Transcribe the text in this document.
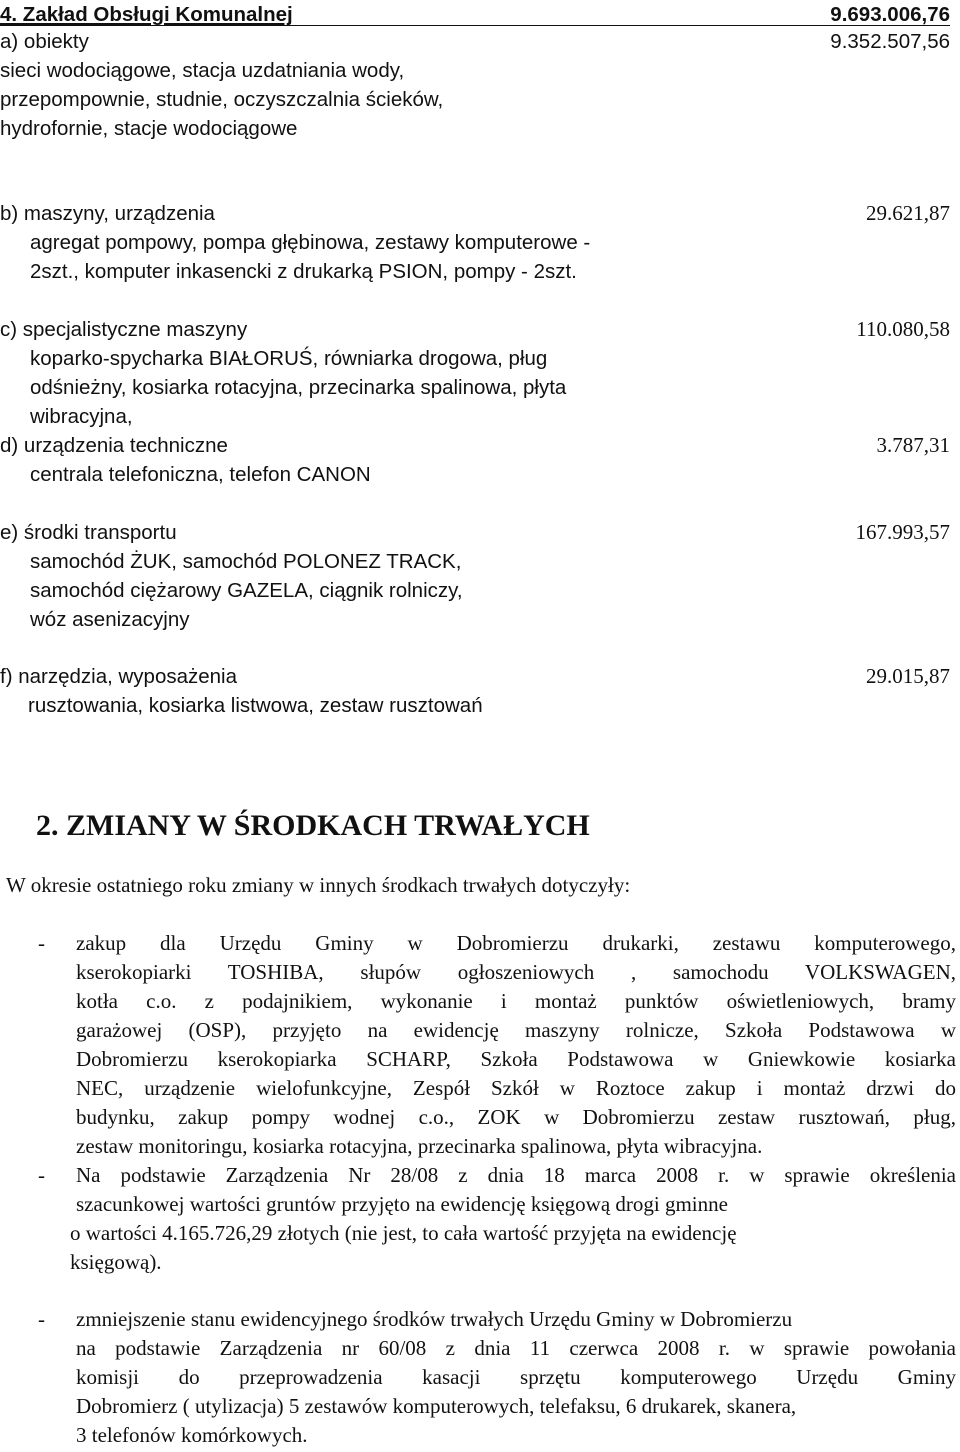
4. Zakład Obsługi Komunalnej	9.693.006,76
a) obiekty	9.352.507,56
sieci wodociągowe, stacja uzdatniania wody,
przepompownie, studnie, oczyszczalnia ścieków,
hydrofornie, stacje wodociągowe
b) maszyny, urządzenia	29.621,87
agregat pompowy, pompa głębinowa, zestawy komputerowe -
2szt., komputer inkasencki z drukarką PSION, pompy - 2szt.
c) specjalistyczne maszyny	110.080,58
koparko-spycharka BIAŁORUŚ, równiarka drogowa, pług
odśnieżny, kosiarka rotacyjna, przecinarka spalinowa, płyta
wibracyjna,
d) urządzenia techniczne	3.787,31
centrala telefoniczna, telefon CANON
e) środki transportu	167.993,57
samochód ŻUK, samochód POLONEZ TRACK,
samochód ciężarowy GAZELA, ciągnik rolniczy,
wóz asenizacyjny
f) narzędzia, wyposażenia	29.015,87
rusztowania, kosiarka listwowa, zestaw rusztowań
2. ZMIANY W ŚRODKACH TRWAŁYCH
W okresie ostatniego roku zmiany w innych środkach trwałych dotyczyły:
- zakup dla Urzędu Gminy w Dobromierzu drukarki, zestawu komputerowego,
kserokopiarki TOSHIBA, słupów ogłoszeniowych , samochodu VOLKSWAGEN,
kotła c.o. z podajnikiem, wykonanie i montaż punktów oświetleniowych, bramy
garażowej (OSP), przyjęto na ewidencję maszyny rolnicze, Szkoła Podstawowa w
Dobromierzu kserokopiarka SCHARP, Szkoła Podstawowa w Gniewkowie kosiarka
NEC, urządzenie wielofunkcyjne, Zespół Szkół w Roztoce zakup i montaż drzwi do
budynku, zakup pompy wodnej c.o., ZOK w Dobromierzu zestaw rusztowań, pług,
zestaw monitoringu, kosiarka rotacyjna, przecinarka spalinowa, płyta wibracyjna.
- Na podstawie Zarządzenia Nr 28/08 z dnia 18 marca 2008 r. w sprawie określenia
szacunkowej wartości gruntów przyjęto na ewidencję księgową drogi gminne
o wartości 4.165.726,29 złotych (nie jest, to cała wartość przyjęta na ewidencję
księgową).
- zmniejszenie stanu ewidencyjnego środków trwałych Urzędu Gminy w Dobromierzu
na podstawie Zarządzenia nr 60/08 z dnia 11 czerwca 2008 r. w sprawie powołania
komisji do przeprowadzenia kasacji sprzętu komputerowego Urzędu Gminy
Dobromierz ( utylizacja) 5 zestawów komputerowych, telefaksu, 6 drukarek, skanera,
3 telefonów komórkowych.
